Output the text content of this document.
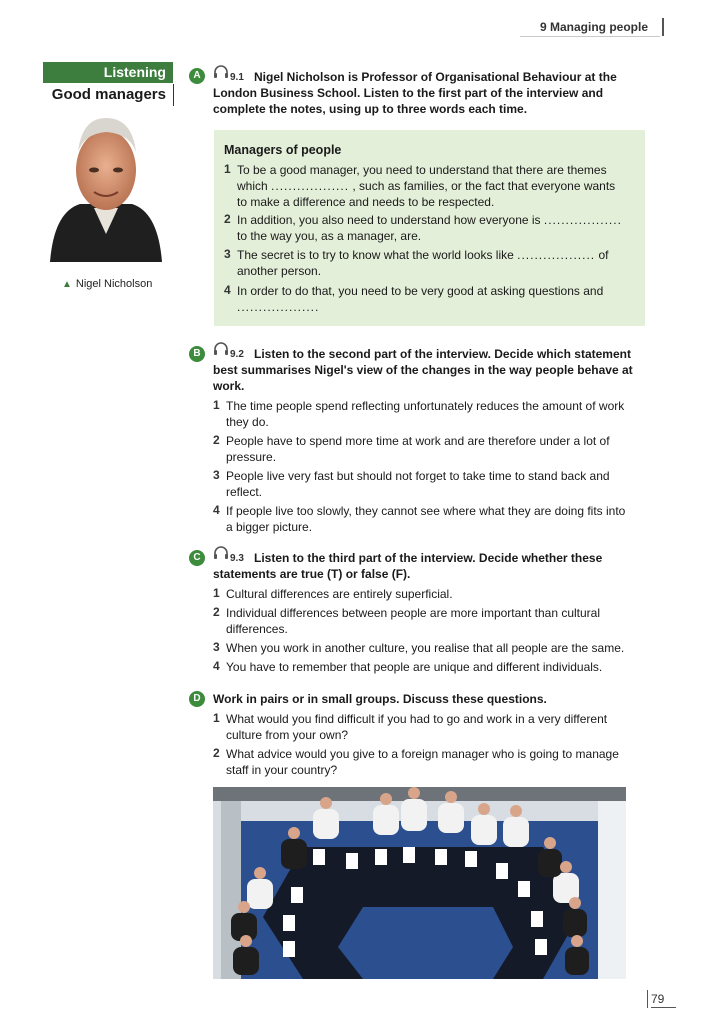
9 Managing people
Listening
Good managers
▲ Nigel Nicholson
A	9.1 Nigel Nicholson is Professor of Organisational Behaviour at the
London Business School. Listen to the first part of the interview and
complete the notes, using up to three words each time.
Managers of people
1 To be a good manager, you need to understand that there are themes
which .................. , such as families, or the fact that everyone wants
to make a difference and needs to be respected.
2 In addition, you also need to understand how everyone is ..................
to the way you, as a manager, are.
3 The secret is to try to know what the world looks like .................. of
another person.
4 In order to do that, you need to be very good at asking questions and
...................
B	9.2 Listen to the second part of the interview. Decide which statement
best summarises Nigel's view of the changes in the way people behave at
work.
1 The time people spend reflecting unfortunately reduces the amount of work
they do.
2 People have to spend more time at work and are therefore under a lot of
pressure.
3 People live very fast but should not forget to take time to stand back and
reflect.
4 If people live too slowly, they cannot see where what they are doing fits into
a bigger picture.
C	9.3 Listen to the third part of the interview. Decide whether these
statements are true (T) or false (F).
1 Cultural differences are entirely superficial.
2 Individual differences between people are more important than cultural
differences.
3 When you work in another culture, you realise that all people are the same.
4 You have to remember that people are unique and different individuals.
D	Work in pairs or in small groups. Discuss these questions.
1 What would you find difficult if you had to go and work in a very different
culture from your own?
2 What advice would you give to a foreign manager who is going to manage
staff in your country?
79
